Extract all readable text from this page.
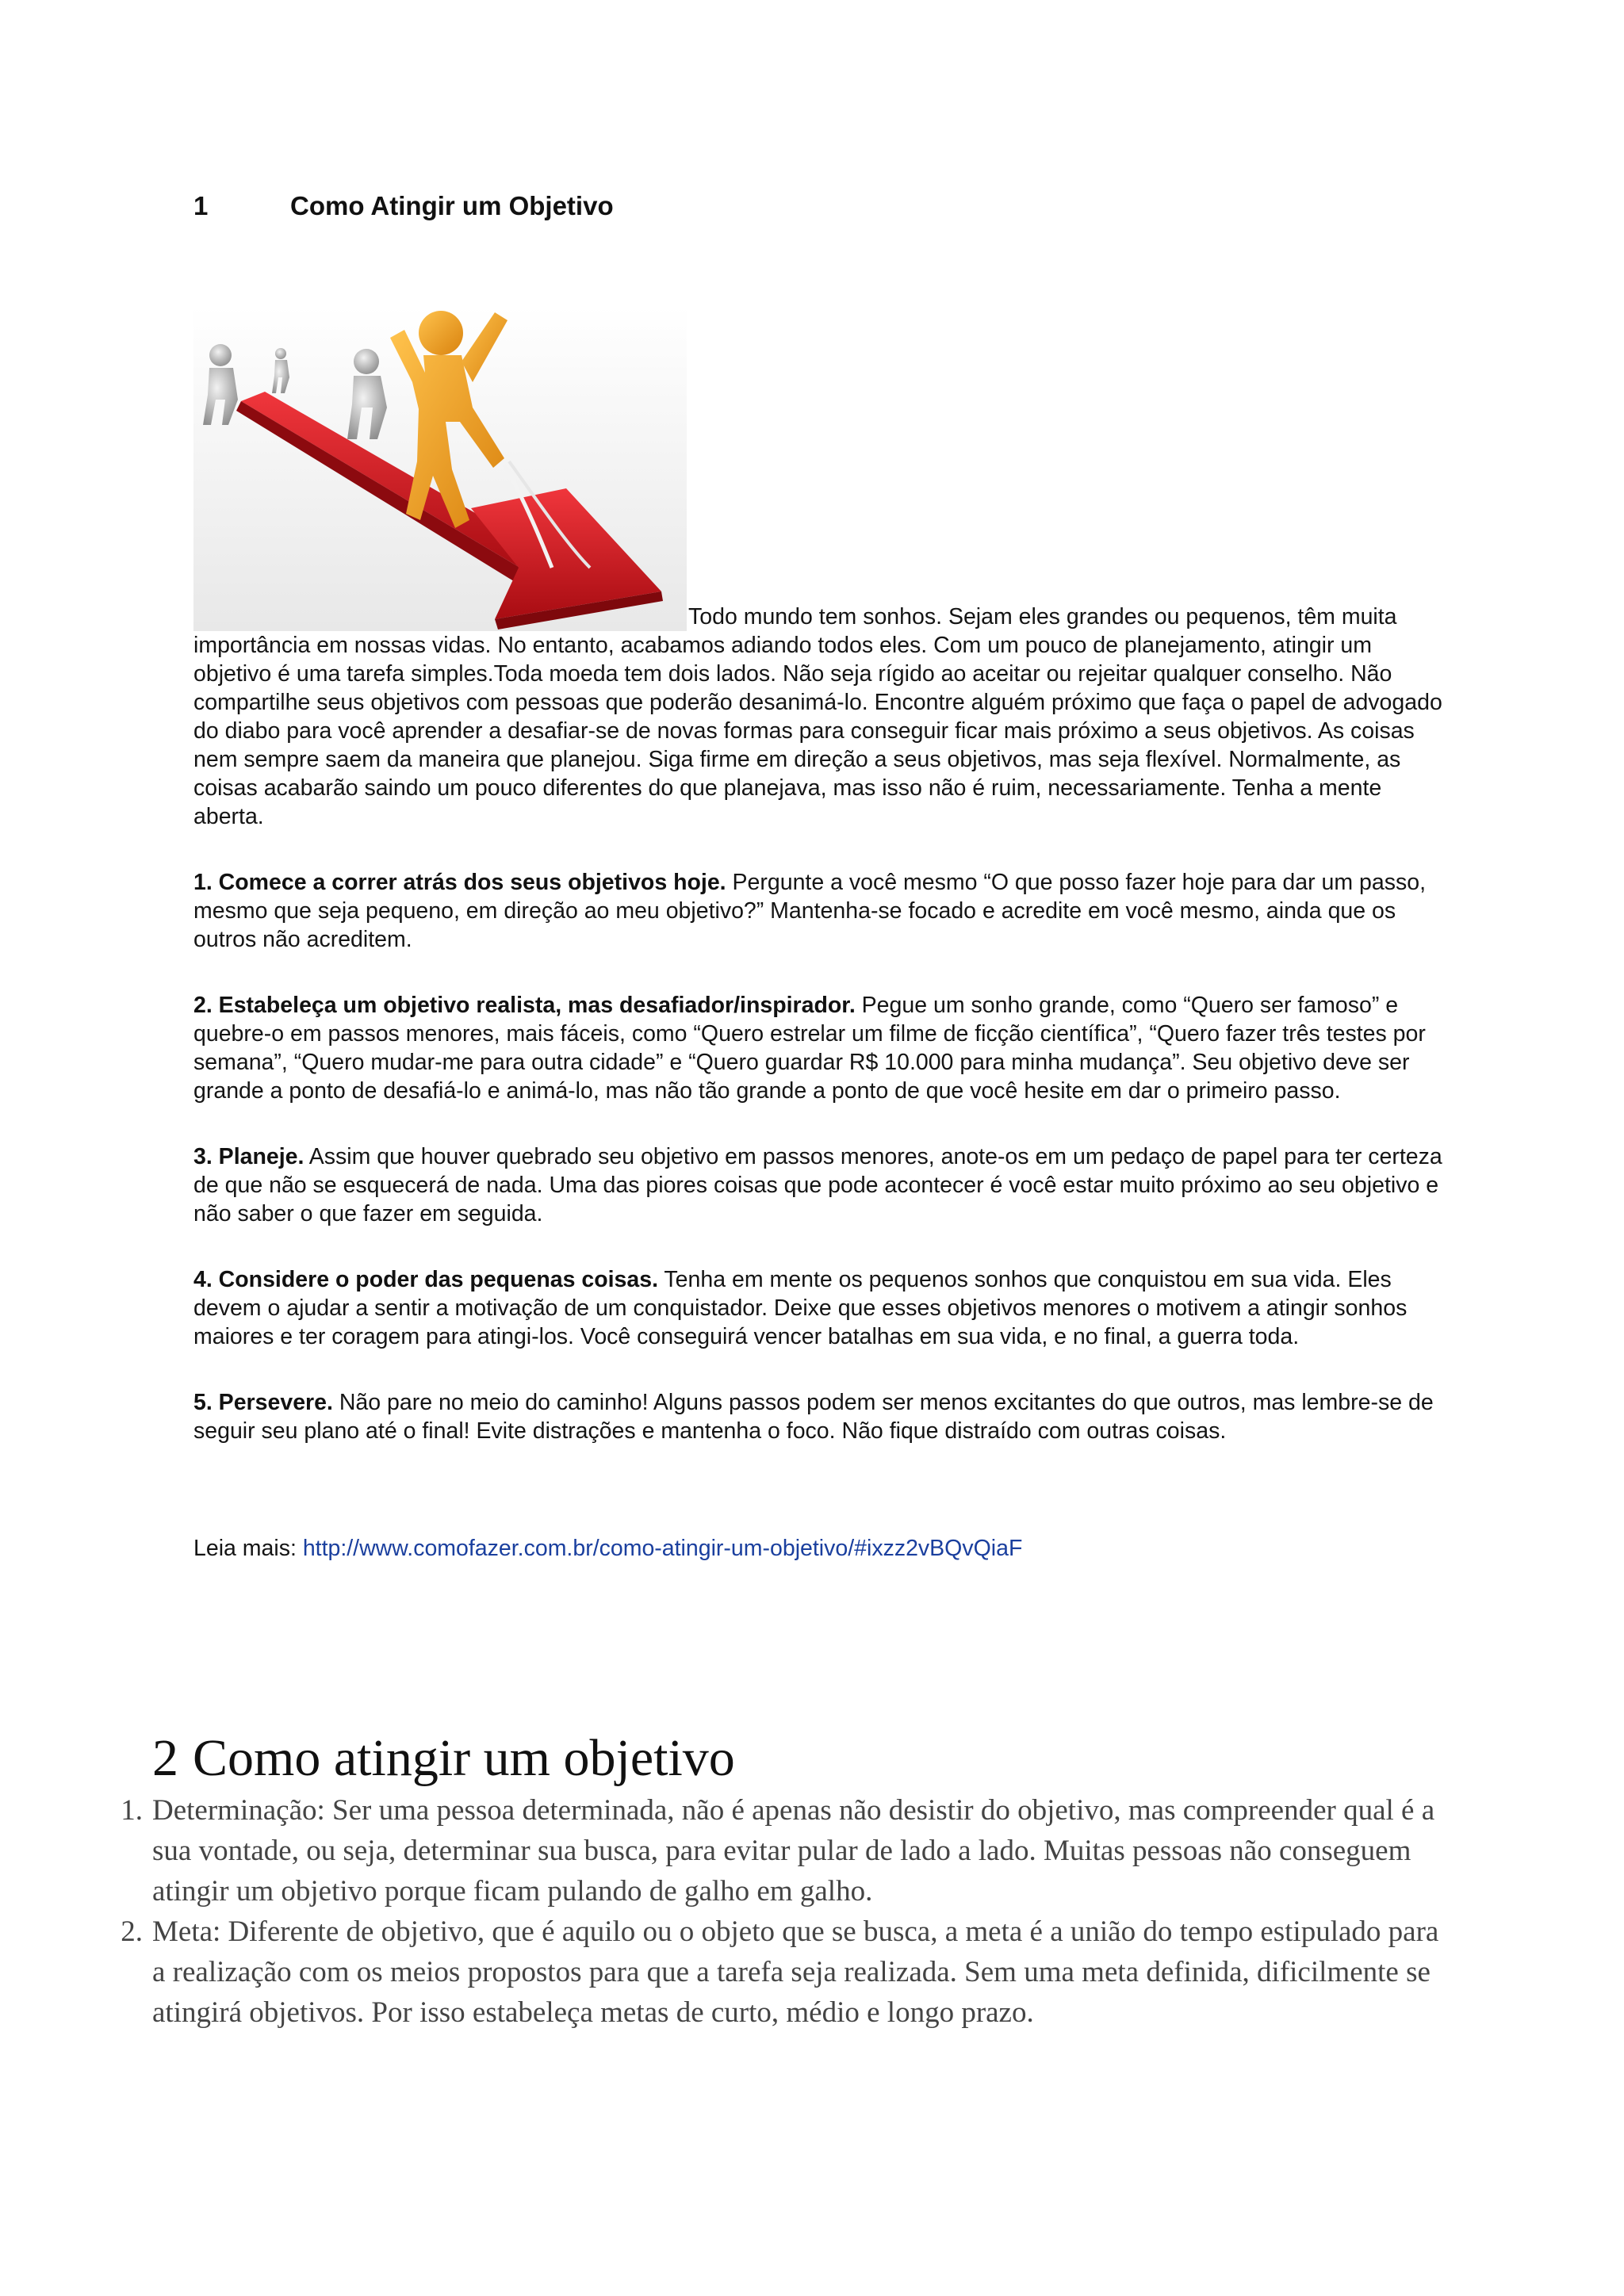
1	Como Atingir um Objetivo

Todo mundo tem sonhos. Sejam eles grandes ou pequenos, têm muita importância em nossas vidas. No entanto, acabamos adiando todos eles. Com um pouco de planejamento, atingir um objetivo é uma tarefa simples.Toda moeda tem dois lados. Não seja rígido ao aceitar ou rejeitar qualquer conselho. Não compartilhe seus objetivos com pessoas que poderão desanimá-lo. Encontre alguém próximo que faça o papel de advogado do diabo para você aprender a desafiar-se de novas formas para conseguir ficar mais próximo a seus objetivos. As coisas nem sempre saem da maneira que planejou. Siga firme em direção a seus objetivos, mas seja flexível. Normalmente, as coisas acabarão saindo um pouco diferentes do que planejava, mas isso não é ruim, necessariamente. Tenha a mente aberta.

1. Comece a correr atrás dos seus objetivos hoje. Pergunte a você mesmo “O que posso fazer hoje para dar um passo, mesmo que seja pequeno, em direção ao meu objetivo?” Mantenha-se focado e acredite em você mesmo, ainda que os outros não acreditem.

2. Estabeleça um objetivo realista, mas desafiador/inspirador. Pegue um sonho grande, como “Quero ser famoso” e quebre-o em passos menores, mais fáceis, como “Quero estrelar um filme de ficção científica”, “Quero fazer três testes por semana”, “Quero mudar-me para outra cidade” e “Quero guardar R$ 10.000 para minha mudança”. Seu objetivo deve ser grande a ponto de desafiá-lo e animá-lo, mas não tão grande a ponto de que você hesite em dar o primeiro passo.

3. Planeje. Assim que houver quebrado seu objetivo em passos menores, anote-os em um pedaço de papel para ter certeza de que não se esquecerá de nada. Uma das piores coisas que pode acontecer é você estar muito próximo ao seu objetivo e não saber o que fazer em seguida.

4. Considere o poder das pequenas coisas. Tenha em mente os pequenos sonhos que conquistou em sua vida. Eles devem o ajudar a sentir a motivação de um conquistador. Deixe que esses objetivos menores o motivem a atingir sonhos maiores e ter coragem para atingi-los. Você conseguirá vencer batalhas em sua vida, e no final, a guerra toda.

5. Persevere. Não pare no meio do caminho! Alguns passos podem ser menos excitantes do que outros, mas lembre-se de seguir seu plano até o final! Evite distrações e mantenha o foco. Não fique distraído com outras coisas.

Leia mais: http://www.comofazer.com.br/como-atingir-um-objetivo/#ixzz2vBQvQiaF

2 Como atingir um objetivo
1. Determinação: Ser uma pessoa determinada, não é apenas não desistir do objetivo, mas compreender qual é a sua vontade, ou seja, determinar sua busca, para evitar pular de lado a lado. Muitas pessoas não conseguem atingir um objetivo porque ficam pulando de galho em galho.
2. Meta: Diferente de objetivo, que é aquilo ou o objeto que se busca, a meta é a união do tempo estipulado para a realização com os meios propostos para que a tarefa seja realizada. Sem uma meta definida, dificilmente se atingirá objetivos. Por isso estabeleça metas de curto, médio e longo prazo.
